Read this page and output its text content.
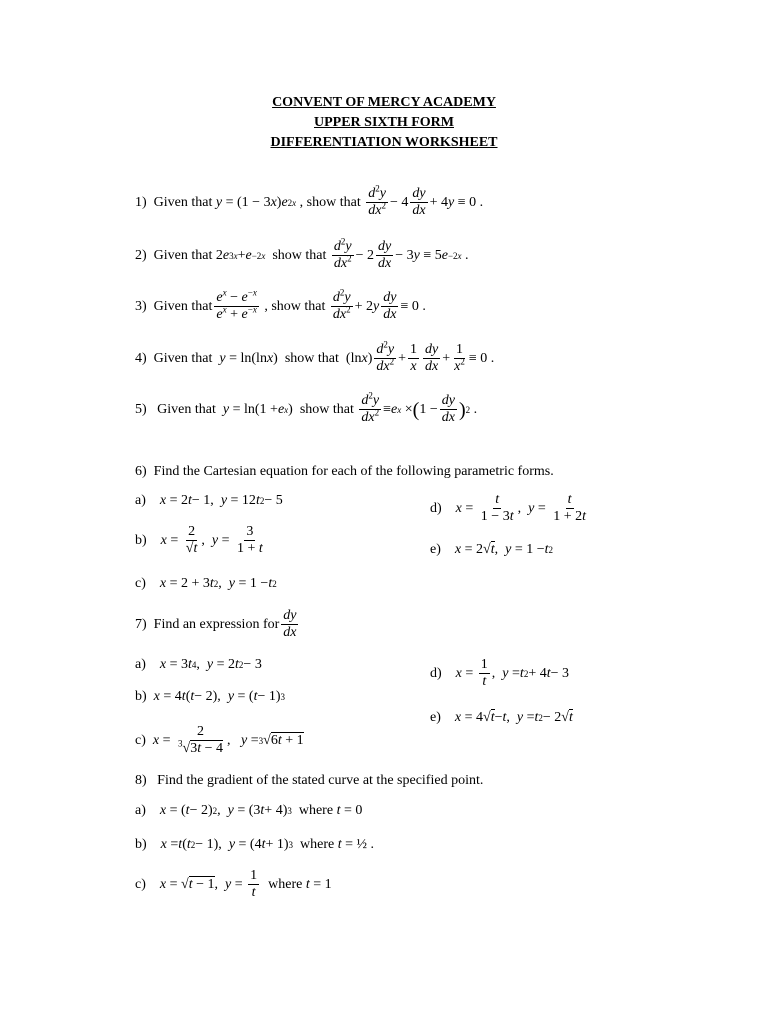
CONVENT OF MERCY ACADEMY
UPPER SIXTH FORM
DIFFERENTIATION WORKSHEET
1)
Given that
y = (1 − 3 x ) e 2x
, show that
$\frac{d^2y}{dx^2} - 4 \frac{dy}{dx} + 4$ y ≡ 0 .
2)
Given that 2 e 3x + e −2x
show that
$\frac{d^2y}{dx^2} - 2 \frac{dy}{dx} - 3$ y ≡ 5 e −2x .
3)
Given that $\frac{e^x - e^{-x}}{e^x + e^{-x}}$
, show that
$\frac{d^2y}{dx^2} + 2$ y $\frac{dy}{dx} \equiv 0$ .
4)
Given that
y = ln(ln x ) show that (ln x ) $\frac{d^2y}{dx^2} + \frac{1}{x} \frac{dy}{dx} + \frac{1}{x^2} \equiv 0$ .
5)
Given that
y = ln(1 + e x ) show that
$\frac{d^2y}{dx^2} \equiv e$ x × ( $1 - \frac{dy}{dx}$ ) 2 .
6)
Find the Cartesian equation for each of the following parametric forms.
a)
x = 2 t − 1, y = 12 t 2 − 5	d)
$x = \frac{t}{1 - 3t}$ , $y = \frac{t}{1 + 2t}$
b)
$x = \frac{2}{√t}$ , $y = \frac{3}{1 + t}$	e)
x = 2√ t , y = 1 − t 2
c)
x = 2 + 3 t 2 , y = 1 − t 2
7)
Find an expression for $\frac{dy}{dx}$
a)
x = 3 t 4 , y = 2 t 2 − 3
d)
$x = \frac{1}{t}$ , y = t 2 + 4 t − 3
b)
x = 4 t ( t − 2), y = ( t − 1) 3
e)
x = 4√ t − t , y = t 2 − 2√ t
c)
$x = \frac{2}{^3√3t - 4}$ , y = 3 √ 6t + 1
8)
Find the gradient of the stated curve at the specified point.
a)
x = ( t − 2) 2 , y = (3 t + 4) 3
where
t = 0
b)
x = t ( t 2 − 1), y = (4 t + 1) 3
where
t = ½ .
c)
x = √ t − 1 , $y = \frac{1}{t}$
where
t = 1
